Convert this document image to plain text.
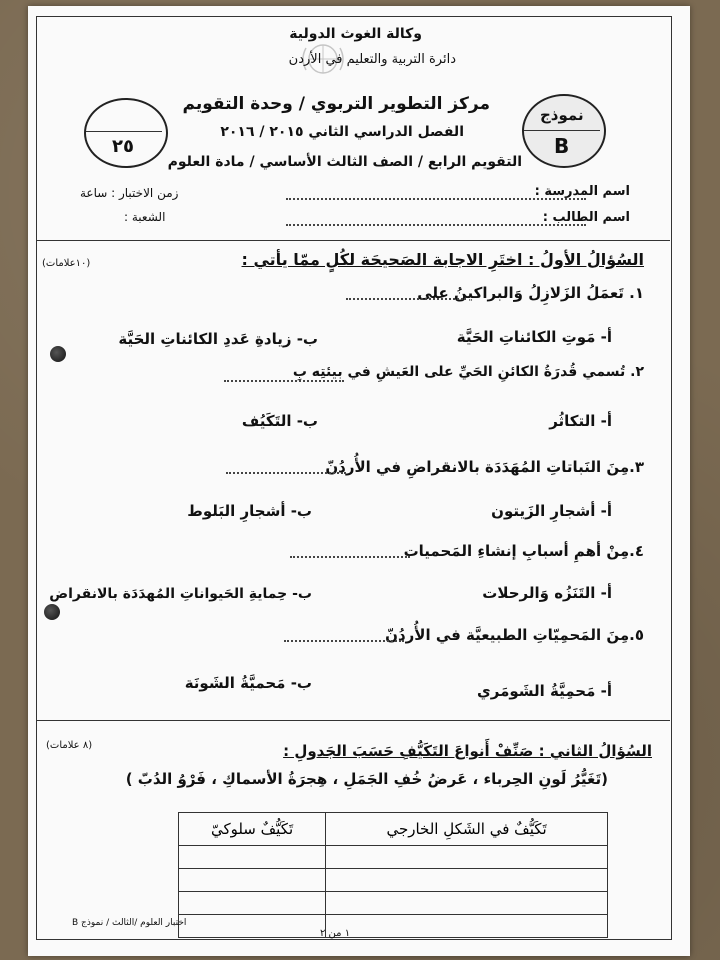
وكالة الغوث الدولية
دائرة التربية والتعليم في الأردن
مركز التطوير التربوي / وحدة التقويم
الفصل الدراسي الثاني ٢٠١٥ / ٢٠١٦
التقويم الرابع / الصف الثالث الأساسي / مادة العلوم
نموذج
B
٢٥
اسم المدرسة :
اسم الطالب :
زمن الاختبار : ساعة
الشعبة :
السُؤالُ الأولُ : اختَرِ الاجابة الصَحيحَة لكُلٍ ممّا يأتي :
(١٠علامات)
١. تَعمَلُ الزَلازِلُ وَالبراكينُ على
أ- مَوتِ الكائناتِ الحَيَّة
ب- زيادةِ عَددِ الكائناتِ الحَيَّة
٢. تُسمي قُدرَةُ الكائنِ الحَيِّ على العَيشِ في بيئتِه بِ
أ- التكاثُر
ب- التَكَيُف
٣.مِنَ النَباتاتِ المُهَدَدَة بالانقراضِ في الأُردُنّ
أ- أشجارِ الزَيتون
ب- أشجارِ البَلوط
٤.مِنْ أهمِ أسبابِ إنشاءِ المَحميات
أ- التَنَزُه وَالرحلات
ب- حِمايةِ الحَيواناتِ المُهدَدَة بالانقراض
٥.مِنَ المَحمِيّاتِ الطبيعيَّة في الأُردُنّ
أ- مَحمِيَّةُ الشَومَري
ب- مَحميَّةُ الشَونَة
السُؤالُ الثاني : صَنِّفْ أَنواعَ التَكَيُّفِ حَسَبَ الجَدولِ :
(٨ علامات)
(تَغَيُّرُ لَونِ الحِرباء ، عَرضُ خُفِ الجَمَلِ ، هِجرَةُ الأسماكِ ، فَرْوُ الدُبّ )
تَكَيُّفٌ في الشَكلِ الخارجي	تَكَيُّفٌ سلوكيّ

١ من ٢
اختبار العلوم /الثالث / نموذج B
